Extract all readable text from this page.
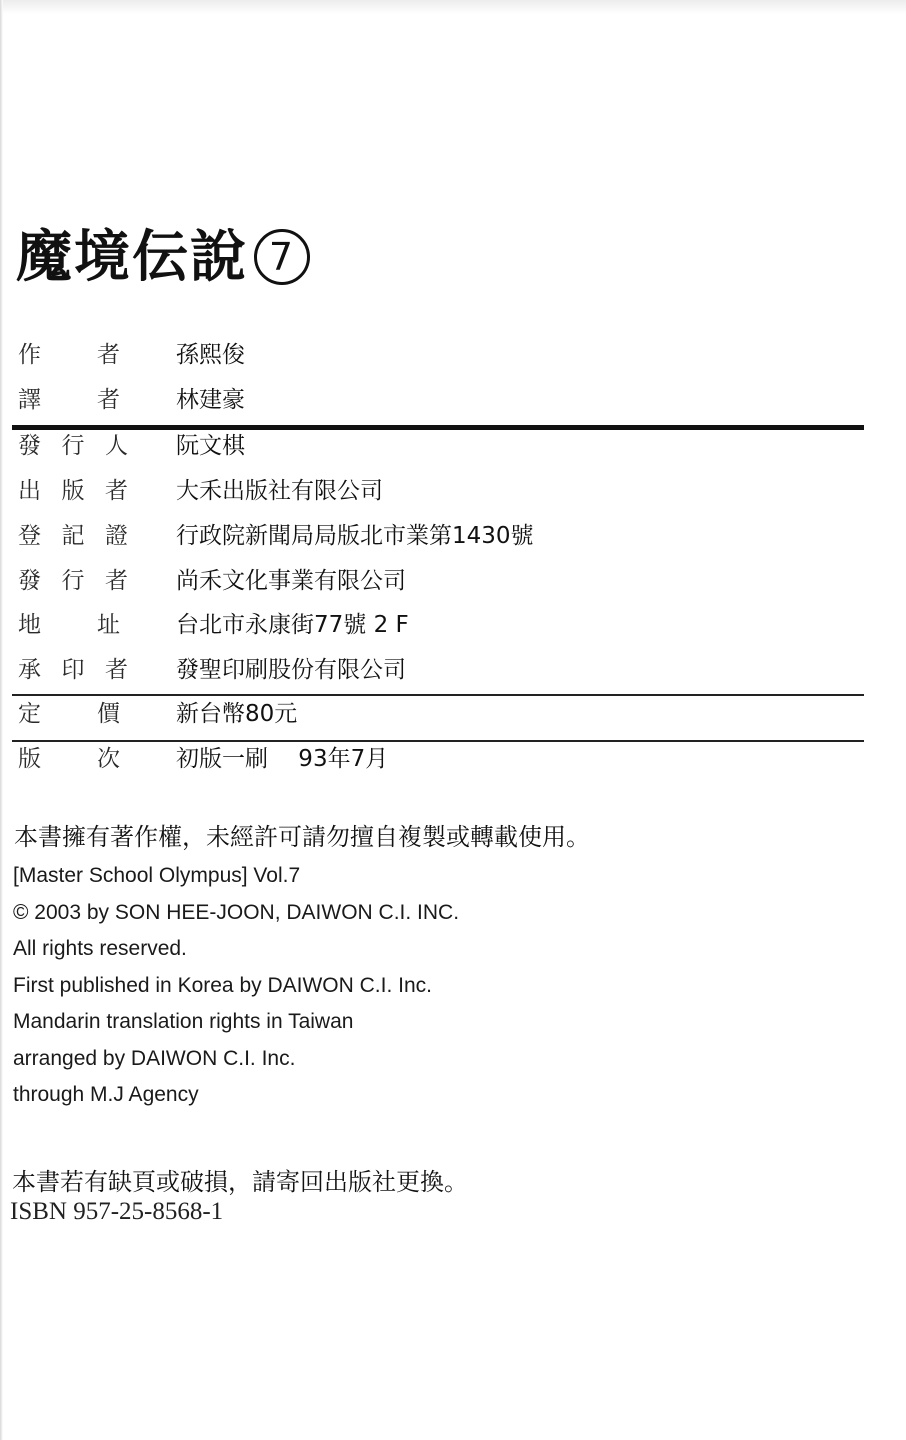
魔境伝說 7
作 者 孫熙俊
譯 者 林建豪
發 行 人 阮文棋
出 版 者 大禾出版社有限公司
登 記 證 行政院新聞局局版北市業第1430號
發 行 者 尚禾文化事業有限公司
地 址 台北市永康街77號 2 F
承 印 者 發聖印刷股份有限公司
定 價 新台幣80元
版 次 初版一刷　 93年7月
本書擁有著作權，未經許可請勿擅自複製或轉載使用。
[Master School Olympus] Vol.7
© 2003 by SON HEE-JOON, DAIWON C.I. INC.
All rights reserved.
First published in Korea by DAIWON C.I. Inc.
Mandarin translation rights in Taiwan
arranged by DAIWON C.I. Inc.
through M.J Agency
本書若有缺頁或破損，請寄回出版社更換。
ISBN 957-25-8568-1
